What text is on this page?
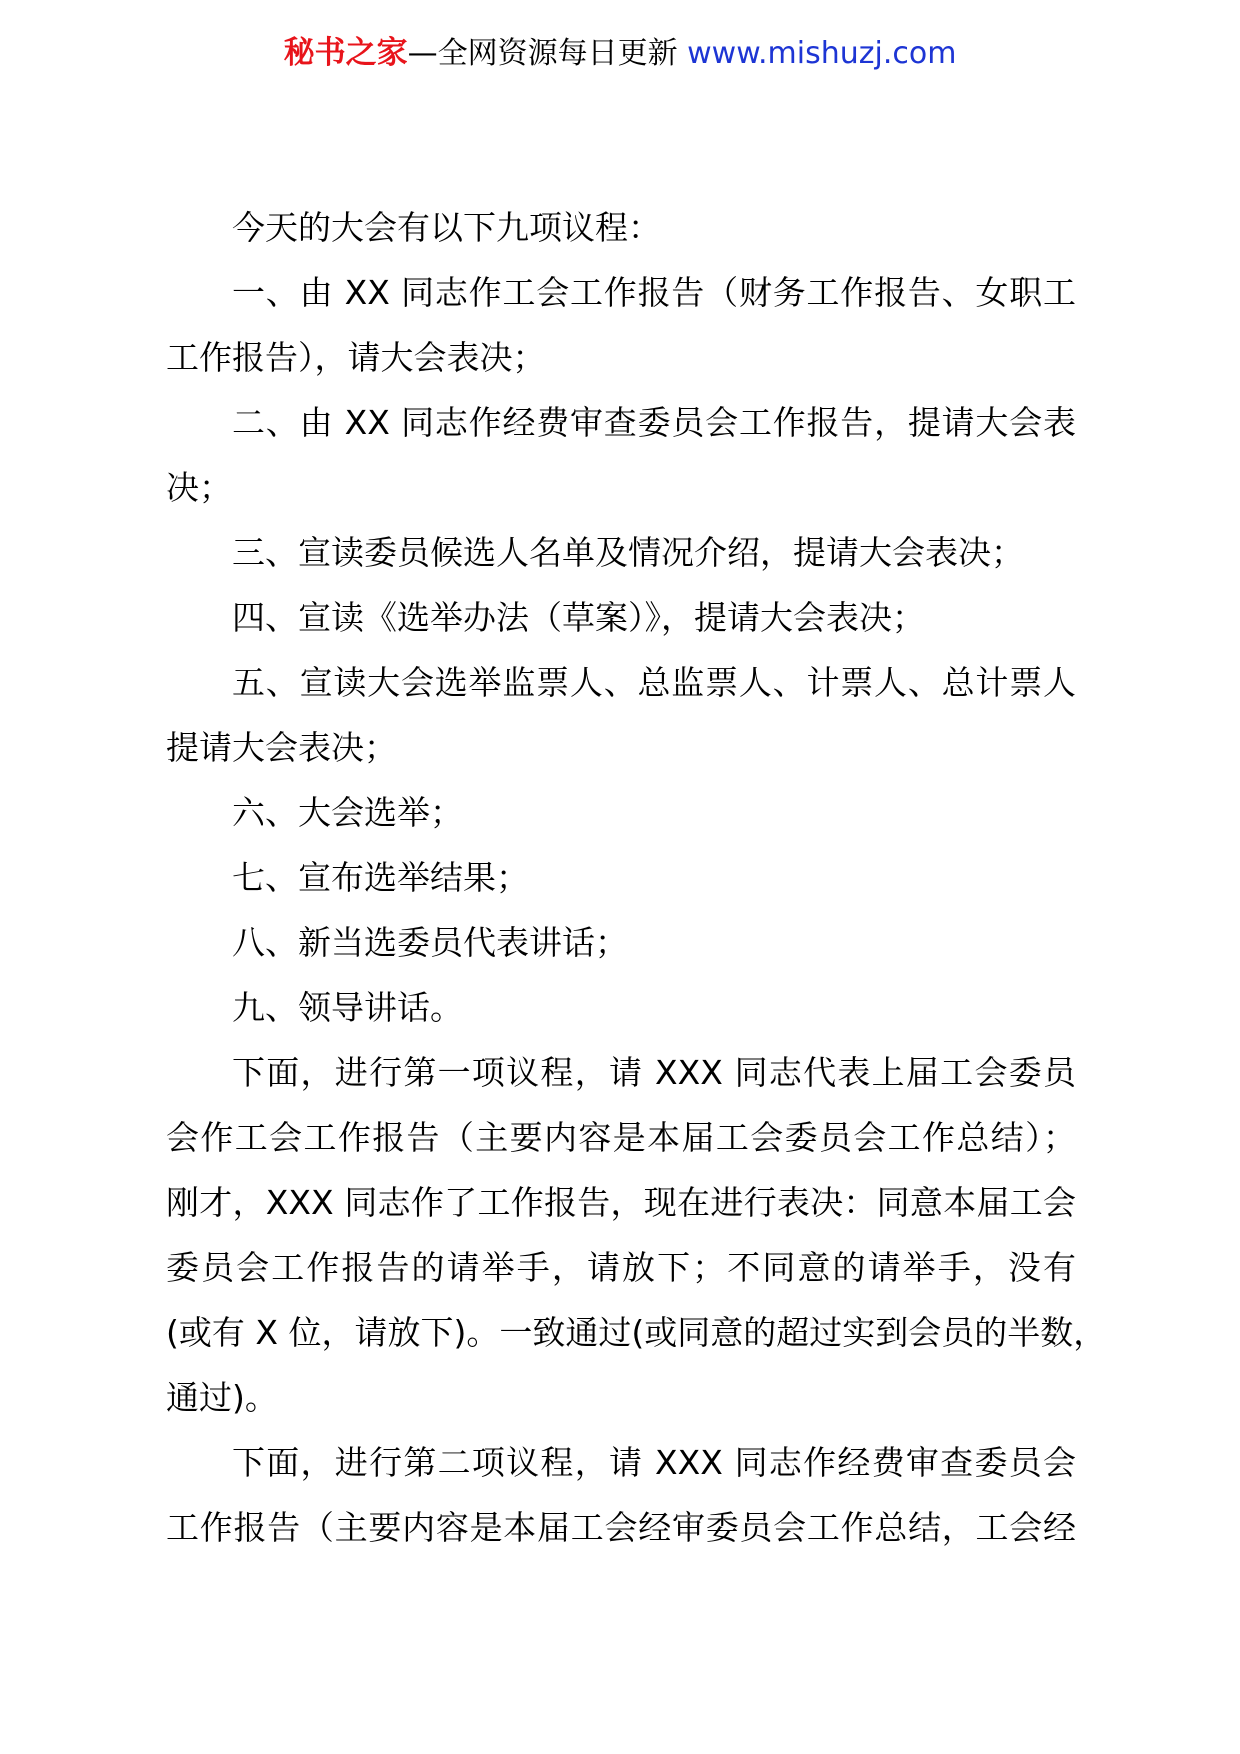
秘书之家—全网资源每日更新 www.mishuzj.com
今天的大会有以下九项议程：
一、由 XX 同志作工会工作报告（财务工作报告、女职工
工作报告），请大会表决；
二、由 XX 同志作经费审查委员会工作报告，提请大会表
决；
三、宣读委员候选人名单及情况介绍，提请大会表决；
四、宣读《选举办法（草案）》，提请大会表决；
五、宣读大会选举监票人、总监票人、计票人、总计票人
提请大会表决；
六、大会选举；
七、宣布选举结果；
八、新当选委员代表讲话；
九、领导讲话。
下面，进行第一项议程，请 XXX 同志代表上届工会委员
会作工会工作报告（主要内容是本届工会委员会工作总结）；
刚才，XXX 同志作了工作报告，现在进行表决：同意本届工会
委员会工作报告的请举手，请放下；不同意的请举手，没有
(或有 X 位，请放下)。一致通过(或同意的超过实到会员的半数，
通过)。
下面，进行第二项议程，请 XXX 同志作经费审查委员会
工作报告（主要内容是本届工会经审委员会工作总结，工会经
